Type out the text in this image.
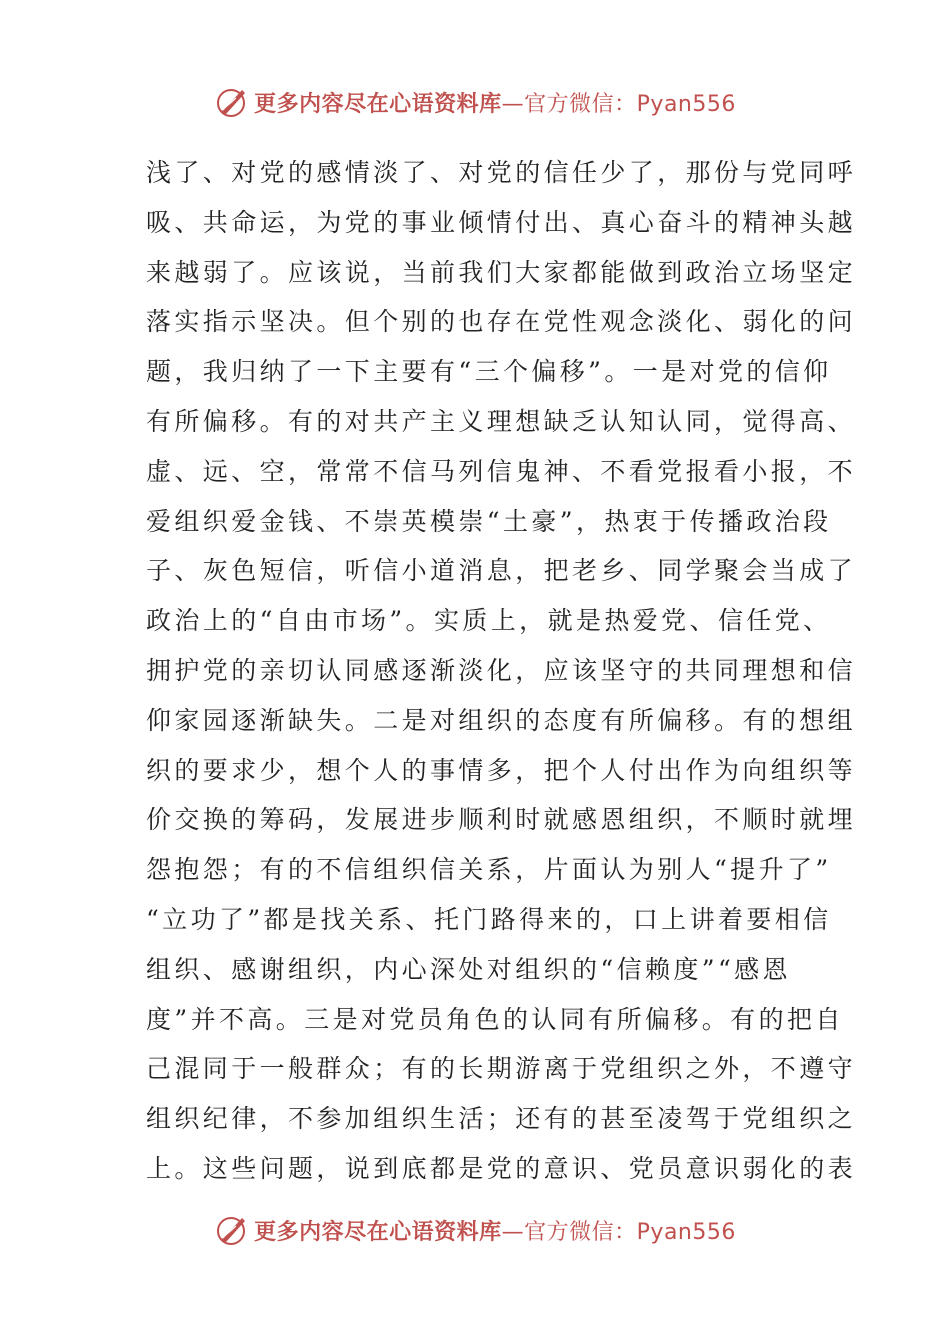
更多内容尽在心语资料库—官方微信：Pyan556
浅了、对党的感情淡了、对党的信任少了，那份与党同呼
吸、共命运，为党的事业倾情付出、真心奋斗的精神头越
来越弱了。应该说，当前我们大家都能做到政治立场坚定
落实指示坚决。但个别的也存在党性观念淡化、弱化的问
题，我归纳了一下主要有“三个偏移”。一是对党的信仰
有所偏移。有的对共产主义理想缺乏认知认同，觉得高、
虚、远、空，常常不信马列信鬼神、不看党报看小报，不
爱组织爱金钱、不崇英模崇“土豪”，热衷于传播政治段
子、灰色短信，听信小道消息，把老乡、同学聚会当成了
政治上的“自由市场”。实质上，就是热爱党、信任党、
拥护党的亲切认同感逐渐淡化，应该坚守的共同理想和信
仰家园逐渐缺失。二是对组织的态度有所偏移。有的想组
织的要求少，想个人的事情多，把个人付出作为向组织等
价交换的筹码，发展进步顺利时就感恩组织，不顺时就埋
怨抱怨；有的不信组织信关系，片面认为别人“提升了”
“立功了”都是找关系、托门路得来的，口上讲着要相信
组织、感谢组织，内心深处对组织的“信赖度”“感恩
度”并不高。三是对党员角色的认同有所偏移。有的把自
己混同于一般群众；有的长期游离于党组织之外，不遵守
组织纪律，不参加组织生活；还有的甚至凌驾于党组织之
上。这些问题，说到底都是党的意识、党员意识弱化的表
更多内容尽在心语资料库—官方微信：Pyan556
